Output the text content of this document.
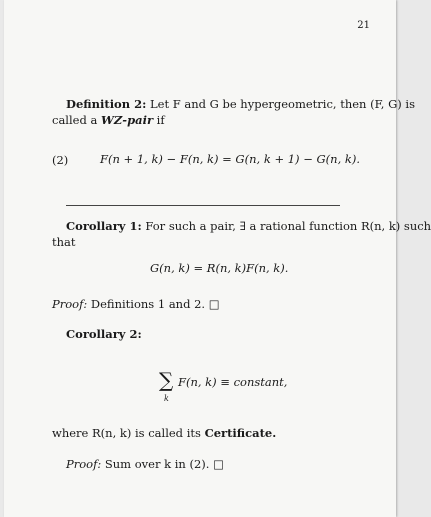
21
Definition 2: Let F and G be hypergeometric, then (F, G) is
called a WZ-pair if
(2)	F(n + 1, k) − F(n, k) = G(n, k + 1) − G(n, k).
Corollary 1: For such a pair, ∃ a rational function R(n, k) such
that
G(n, k) = R(n, k)F(n, k).
Proof: Definitions 1 and 2. □
Corollary 2:
∑
k
F(n, k) ≡ constant,
where R(n, k) is called its Certificate.
Proof: Sum over k in (2). □
